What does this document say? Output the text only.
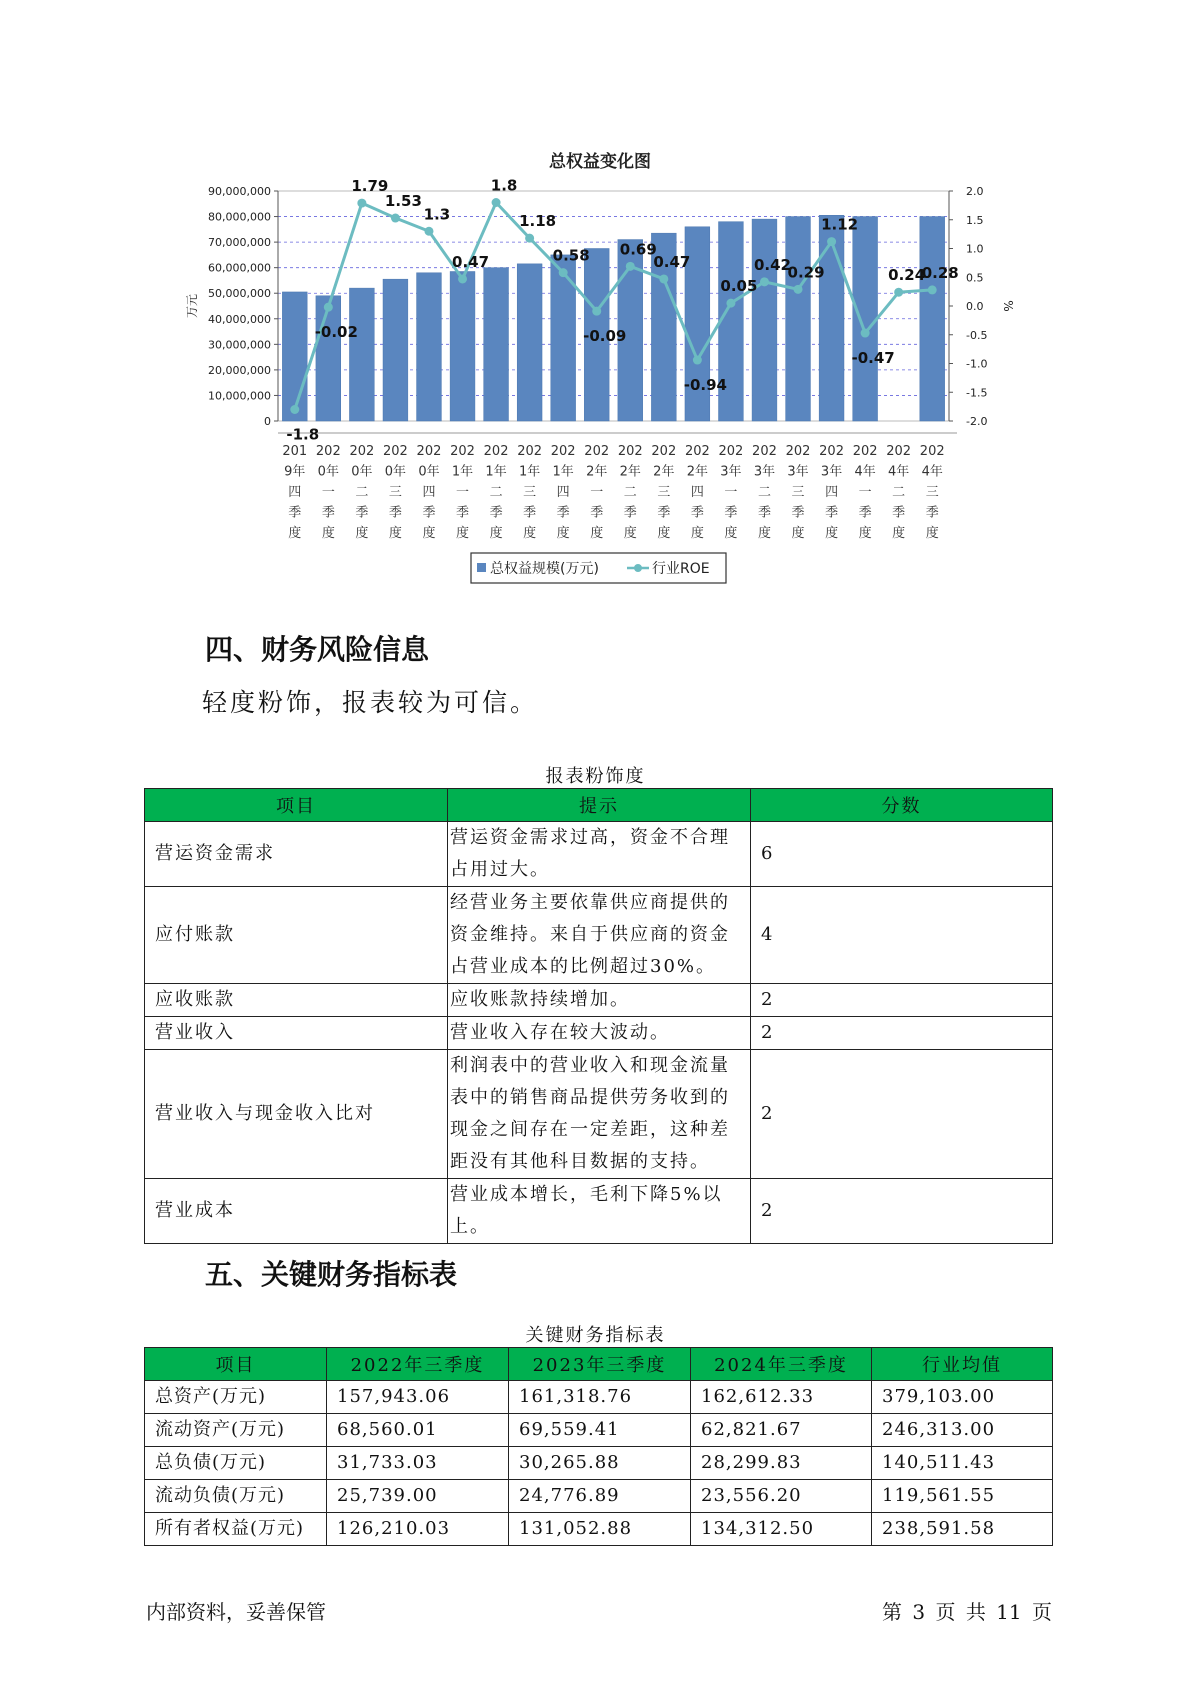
总权益变化图
90,000,000
80,000,000
70,000,000
60,000,000
50,000,000
40,000,000
30,000,000
20,000,000
10,000,000
0
2.0
1.5
1.0
0.5
0.0
-0.5
-1.0
-1.5
-2.0
万元	%
-1.8
-0.02
1.79
1.53
1.3
0.47
1.8
1.18
0.58
-0.09
0.69
0.47
-0.94
0.05
0.42
0.29
1.12
-0.47
0.24
0.28
201
9年
四
季
度
202
0年
一
季
度
202
0年
二
季
度
202
0年
三
季
度
202
0年
四
季
度
202
1年
一
季
度
202
1年
二
季
度
202
1年
三
季
度
202
1年
四
季
度
202
2年
一
季
度
202
2年
二
季
度
202
2年
三
季
度
202
2年
四
季
度
202
3年
一
季
度
202
3年
二
季
度
202
3年
三
季
度
202
3年
四
季
度
202
4年
一
季
度
202
4年
二
季
度
202
4年
三
季
度
总权益规模(万元)	行业ROE
四、财务风险信息

轻度粉饰，报表较为可信。

报表粉饰度
项目	提示	分数
营运资金需求	营运资金需求过高，资金不合理占用过大。	6
应付账款	经营业务主要依靠供应商提供的资金维持。来自于供应商的资金占营业成本的比例超过30%。	4
应收账款	应收账款持续增加。	2
营业收入	营业收入存在较大波动。	2
营业收入与现金收入比对	利润表中的营业收入和现金流量表中的销售商品提供劳务收到的现金之间存在一定差距，这种差距没有其他科目数据的支持。	2
营业成本	营业成本增长，毛利下降5%以上。	2
五、关键财务指标表
关键财务指标表
项目	2022年三季度	2023年三季度	2024年三季度	行业均值
总资产(万元)	157,943.06	161,318.76	162,612.33	379,103.00
流动资产(万元)	68,560.01	69,559.41	62,821.67	246,313.00
总负债(万元)	31,733.03	30,265.88	28,299.83	140,511.43
流动负债(万元)	25,739.00	24,776.89	23,556.20	119,561.55
所有者权益(万元)	126,210.03	131,052.88	134,312.50	238,591.58
内部资料，妥善保管	第 3 页 共 11 页
